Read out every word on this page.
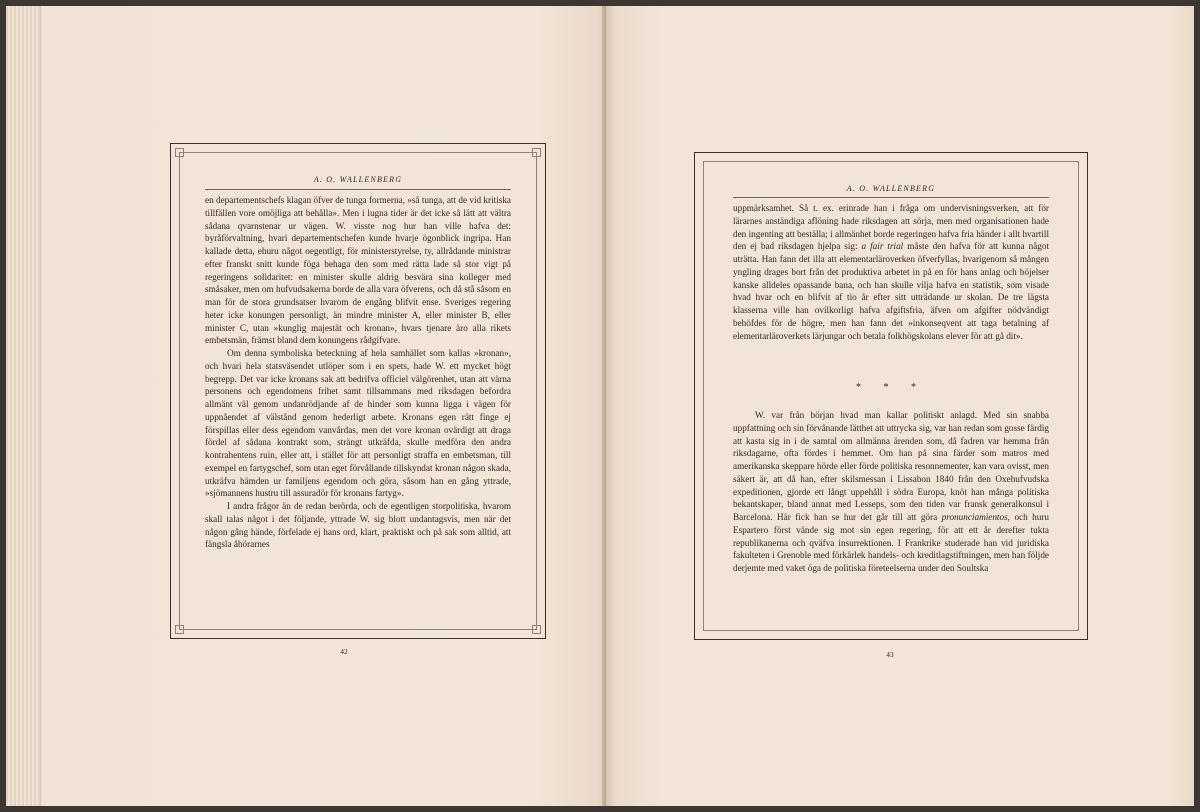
A. O. WALLENBERG

en departementschefs klagan öfver de tunga formerna, »så tunga, att de vid kritiska tillfällen vore omöjliga att behålla». Men i lugna tider är det icke så lätt att vältra sådana qvarnstenar ur vägen. W. visste nog hur han ville hafva det: byråförvaltning, hvari departementschefen kunde hvarje ögonblick ingripa. Han kallade detta, ehuru något oegentligt, för ministerstyrelse, ty, allrådande ministrar efter franskt snitt kunde föga behaga den som med rätta lade så stor vigt på regeringens solidaritet: en minister skulle aldrig besvära sina kolleger med småsaker, men om hufvudsakerna borde de alla vara öfverens, och då stå såsom en man för de stora grundsatser hvarom de engång blifvit ense. Sveriges regering heter icke konungen personligt, än mindre minister A, eller minister B, eller minister C, utan »kunglig majestät och kronan», hvars tjenare äro alla rikets embetsmän, främst bland dem konungens rådgifvare.

Om denna symboliska beteckning af hela samhället som kallas »kronan», och hvari hela statsväsendet utlöper som i en spets, hade W. ett mycket högt begrepp. Det var icke kronans sak att bedrifva officiel välgörenhet, utan att värna personens och egendomens frihet samt tillsammans med riksdagen befordra allmänt väl genom undanrödjande af de hinder som kunna ligga i vägen för uppnåendet af välstånd genom hederligt arbete. Kronans egen rätt finge ej förspillas eller dess egendom vanvårdas, men det vore kronan ovärdigt att draga fördel af sådana kontrakt som, strängt utkräfda, skulle medföra den andra kontrahentens ruin, eller att, i stället för att personligt straffa en embetsman, till exempel en fartygschef, som utan eget förvållande tillskyndat kronan någon skada, utkräfva hämden ur familjens egendom och göra, såsom han en gång yttrade, »sjömannens hustru till assuradör för kronans fartyg».

I andra frågor än de redan berörda, och de egentligen storpolitiska, hvarom skall talas något i det följande, yttrade W. sig blott undantagsvis, men när det någon gång hände, förfelade ej hans ord, klart, praktiskt och på sak som alltid, att fängsla åhörarnes

42
A. O. WALLENBERG

uppmärksamhet. Så t. ex. erinrade han i fråga om undervisningsverken, att för lärarnes anständiga aflöning hade riksdagen att sörja, men med organisationen hade den ingenting att beställa; i allmänhet borde regeringen hafva fria händer i allt hvartill den ej bad riksdagen hjelpa sig: a fair trial måste den hafva för att kunna något uträtta. Han fann det illa att elementarläroverken öfverfyllas, hvarigenom så mången yngling drages bort från det produktiva arbetet in på en för hans anlag och böjelser kanske alldeles opassande bana, och han skulle vilja hafva en statistik, som visade hvad hvar och en blifvit af tio år efter sitt utträdande ur skolan. De tre lägsta klasserna ville han ovilkorligt hafva afgiftsfria, äfven om afgifter nödvändigt behöfdes för de högre, men han fann det »inkonseqvent att taga betalning af elementarläroverkets lärjungar och betala folkhögskolans elever för att gå dit».

* * *

W. var från början hvad man kallar politiskt anlagd. Med sin snabba uppfattning och sin förvånande lätthet att uttrycka sig, var han redan som gosse färdig att kasta sig in i de samtal om allmänna ärenden som, då fadren var hemma från riksdagarne, ofta fördes i hemmet. Om han på sina färder som matros med amerikanska skeppare hörde eller förde politiska resonnementer, kan vara ovisst, men säkert är, att då han, efter skilsmessan i Lissabon 1840 från den Oxehufvudska expeditionen, gjorde ett långt uppehåll i södra Europa, knöt han många politiska bekantskaper, bland annat med Lesseps, som den tiden var fransk generalkonsul i Barcelona. Här fick han se hur det går till att göra pronunciamientos, och huru Espartero först vände sig mot sin egen regering, för att ett år derefter tukta republikanerna och qväfva insurrektionen. I Frankrike studerade han vid juridiska fakulteten i Grenoble med förkärlek handels- och kreditlagstiftningen, men han följde derjemte med vaket öga de politiska företeelserna under den Soultska

43
